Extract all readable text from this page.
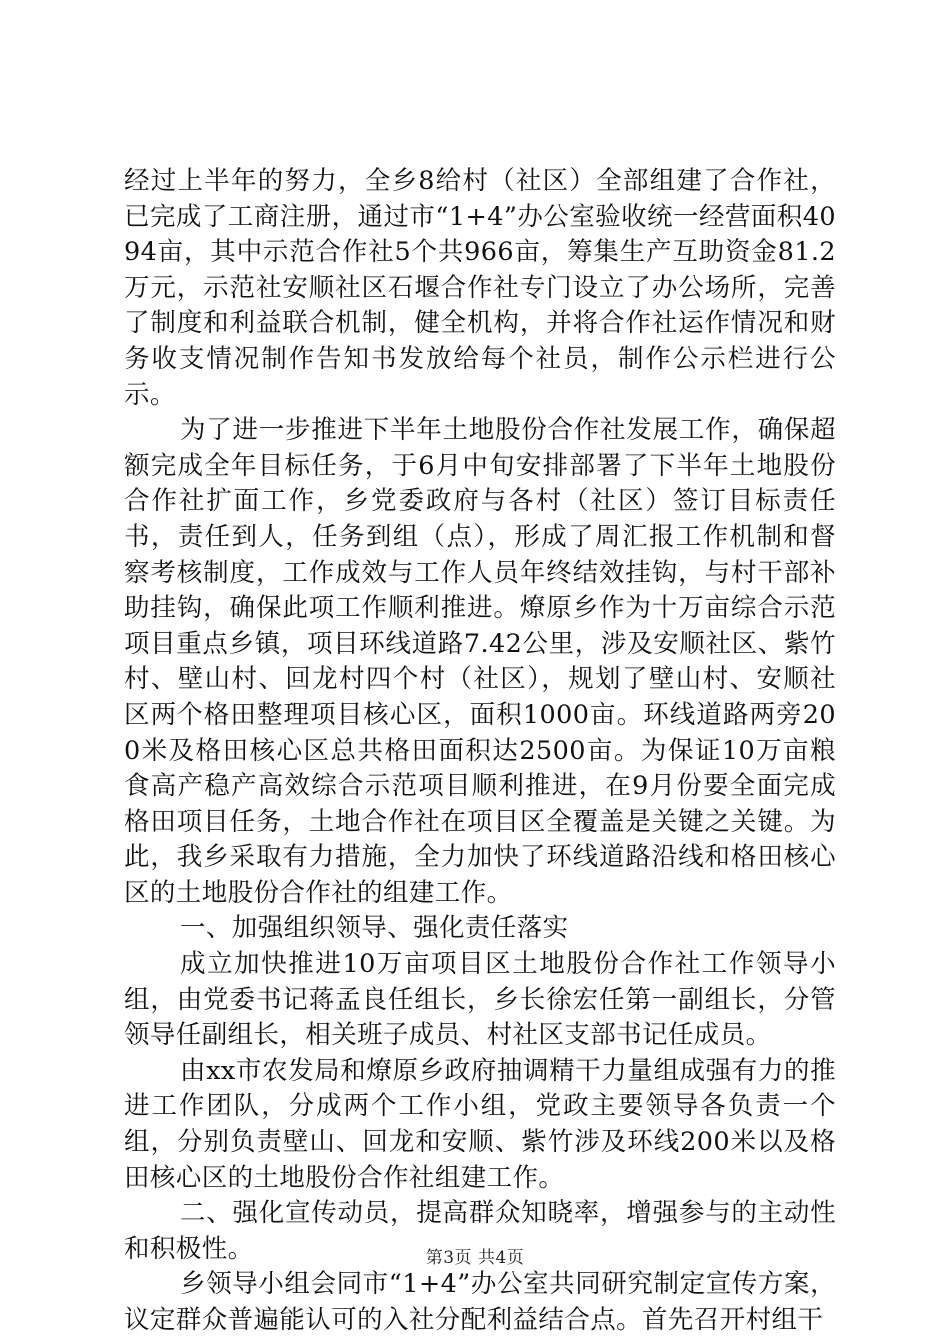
经过上半年的努力，全乡8给村（社区）全部组建了合作社，已完成了工商注册，通过市“1+4”办公室验收统一经营面积4094亩，其中示范合作社5个共966亩，筹集生产互助资金81.2万元，示范社安顺社区石堰合作社专门设立了办公场所，完善了制度和利益联合机制，健全机构，并将合作社运作情况和财务收支情况制作告知书发放给每个社员，制作公示栏进行公示。

为了进一步推进下半年土地股份合作社发展工作，确保超额完成全年目标任务，于6月中旬安排部署了下半年土地股份合作社扩面工作，乡党委政府与各村（社区）签订目标责任书，责任到人，任务到组（点），形成了周汇报工作机制和督察考核制度，工作成效与工作人员年终结效挂钩，与村干部补助挂钩，确保此项工作顺利推进。燎原乡作为十万亩综合示范项目重点乡镇，项目环线道路7.42公里，涉及安顺社区、紫竹村、壁山村、回龙村四个村（社区），规划了壁山村、安顺社区两个格田整理项目核心区，面积1000亩。环线道路两旁200米及格田核心区总共格田面积达2500亩。为保证10万亩粮食高产稳产高效综合示范项目顺利推进，在9月份要全面完成格田项目任务，土地合作社在项目区全覆盖是关键之关键。为此，我乡采取有力措施，全力加快了环线道路沿线和格田核心区的土地股份合作社的组建工作。

一、加强组织领导、强化责任落实

成立加快推进10万亩项目区土地股份合作社工作领导小组，由党委书记蒋孟良任组长，乡长徐宏任第一副组长，分管领导任副组长，相关班子成员、村社区支部书记任成员。

由xx市农发局和燎原乡政府抽调精干力量组成强有力的推进工作团队，分成两个工作小组，党政主要领导各负责一个组，分别负责壁山、回龙和安顺、紫竹涉及环线200米以及格田核心区的土地股份合作社组建工作。

二、强化宣传动员，提高群众知晓率，增强参与的主动性和积极性。

乡领导小组会同市“1+4”办公室共同研究制定宣传方案，议定群众普遍能认可的入社分配利益结合点。首先召开村组干

第3页 共4页
